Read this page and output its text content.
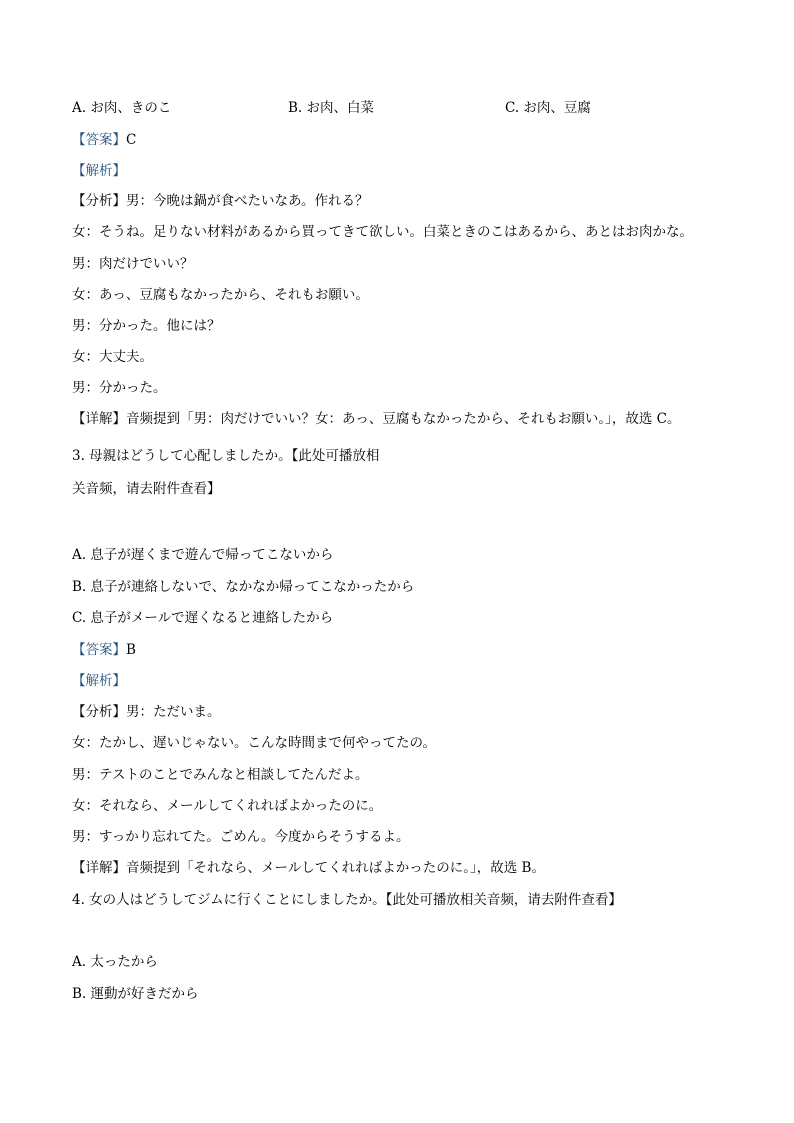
A. お肉、きのこ	B. お肉、白菜	C. お肉、豆腐
【答案】C
【解析】
【分析】男：今晩は鍋が食べたいなあ。作れる？
女：そうね。足りない材料があるから買ってきて欲しい。白菜ときのこはあるから、あとはお肉かな。
男：肉だけでいい？
女：あっ、豆腐もなかったから、それもお願い。
男：分かった。他には？
女：大丈夫。
男：分かった。
【详解】音频提到「男：肉だけでいい？女：あっ、豆腐もなかったから、それもお願い。」，故选 C。
3. 母親はどうして心配しましたか。【此处可播放相
关音频，请去附件查看】
A. 息子が遅くまで遊んで帰ってこないから
B. 息子が連絡しないで、なかなか帰ってこなかったから
C. 息子がメールで遅くなると連絡したから
【答案】B
【解析】
【分析】男：ただいま。
女：たかし、遅いじゃない。こんな時間まで何やってたの。
男：テストのことでみんなと相談してたんだよ。
女：それなら、メールしてくれればよかったのに。
男：すっかり忘れてた。ごめん。今度からそうするよ。
【详解】音频提到「それなら、メールしてくれればよかったのに。」，故选 B。
4. 女の人はどうしてジムに行くことにしましたか。【此处可播放相关音频，请去附件查看】
A. 太ったから
B. 運動が好きだから
